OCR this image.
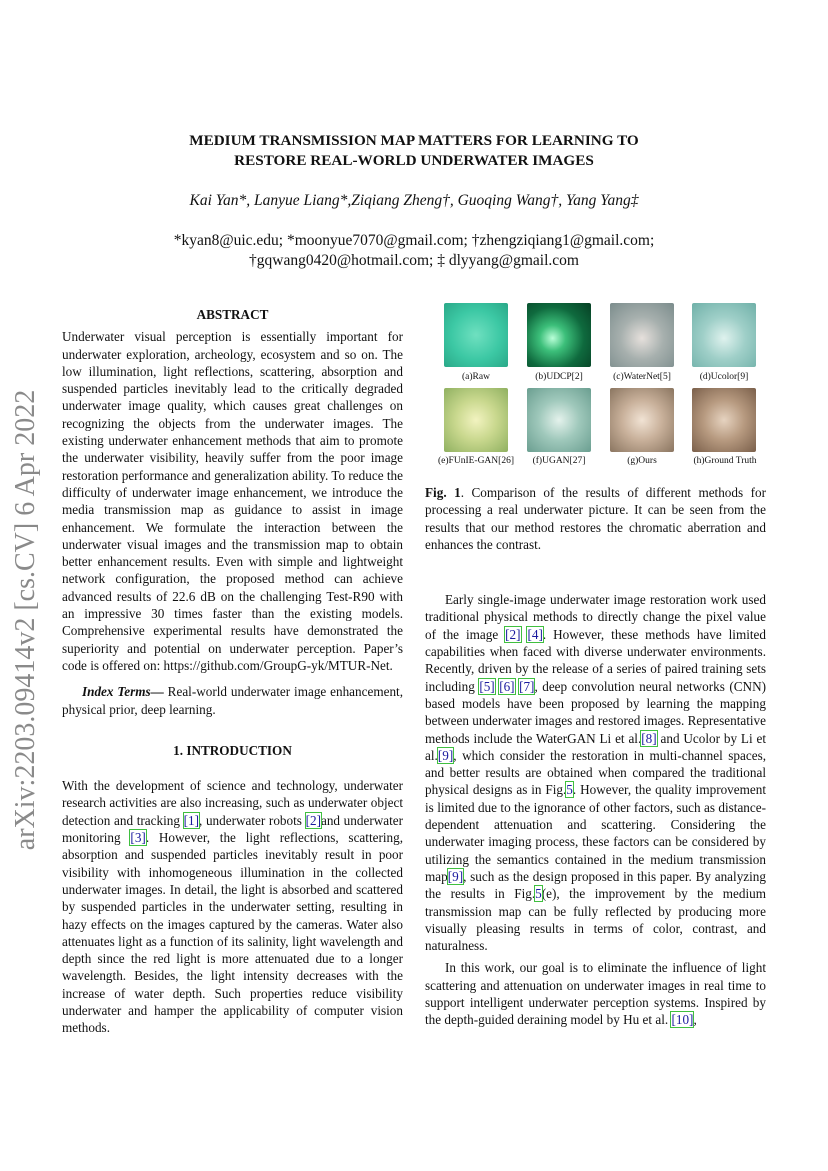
arXiv:2203.09414v2 [cs.CV] 6 Apr 2022
MEDIUM TRANSMISSION MAP MATTERS FOR LEARNING TO
RESTORE REAL-WORLD UNDERWATER IMAGES
Kai Yan*, Lanyue Liang*,Ziqiang Zheng†, Guoqing Wang†, Yang Yang‡
*kyan8@uic.edu; *moonyue7070@gmail.com; †zhengziqiang1@gmail.com;
†gqwang0420@hotmail.com; ‡ dlyyang@gmail.com
ABSTRACT

Underwater visual perception is essentially important for underwater exploration, archeology, ecosystem and so on. The low illumination, light reflections, scattering, absorption and suspended particles inevitably lead to the critically degraded underwater image quality, which causes great challenges on recognizing the objects from the underwater images. The existing underwater enhancement methods that aim to promote the underwater visibility, heavily suffer from the poor image restoration performance and generalization ability. To reduce the difficulty of underwater image enhancement, we introduce the media transmission map as guidance to assist in image enhancement. We formulate the interaction between the underwater visual images and the transmission map to obtain better enhancement results. Even with simple and lightweight network configuration, the proposed method can achieve advanced results of 22.6 dB on the challenging Test-R90 with an impressive 30 times faster than the existing models. Comprehensive experimental results have demonstrated the superiority and potential on underwater perception. Paper’s code is offered on: https://github.com/GroupG-yk/MTUR-Net.

Index Terms— Real-world underwater image enhancement, physical prior, deep learning.

1. INTRODUCTION

With the development of science and technology, underwater research activities are also increasing, such as underwater object detection and tracking [1], underwater robots [2]and underwater monitoring [3]. However, the light reflections, scattering, absorption and suspended particles inevitably result in poor visibility with inhomogeneous illumination in the collected underwater images. In detail, the light is absorbed and scattered by suspended particles in the underwater setting, resulting in hazy effects on the images captured by the cameras. Water also attenuates light as a function of its salinity, light wavelength and depth since the red light is more attenuated due to a longer wavelength. Besides, the light intensity decreases with the increase of water depth. Such properties reduce visibility underwater and hamper the applicability of computer vision methods.

(a)Raw	(b)UDCP[2]	(c)WaterNet[5]	(d)Ucolor[9]
(e)FUnIE-GAN[26]	(f)UGAN[27]	(g)Ours	(h)Ground Truth

Fig. 1. Comparison of the results of different methods for processing a real underwater picture. It can be seen from the results that our method restores the chromatic aberration and enhances the contrast.

Early single-image underwater image restoration work used traditional physical methods to directly change the pixel value of the image [2] [4]. However, these methods have limited capabilities when faced with diverse underwater environments. Recently, driven by the release of a series of paired training sets including [5] [6] [7], deep convolution neural networks (CNN) based models have been proposed by learning the mapping between underwater images and restored images. Representative methods include the WaterGAN Li et al.[8] and Ucolor by Li et al.[9], which consider the restoration in multi-channel spaces, and better results are obtained when compared the traditional physical designs as in Fig.5. However, the quality improvement is limited due to the ignorance of other factors, such as distance-dependent attenuation and scattering. Considering the underwater imaging process, these factors can be considered by utilizing the semantics contained in the medium transmission map[9], such as the design proposed in this paper. By analyzing the results in Fig.5(e), the improvement by the medium transmission map can be fully reflected by producing more visually pleasing results in terms of color, contrast, and naturalness.

In this work, our goal is to eliminate the influence of light scattering and attenuation on underwater images in real time to support intelligent underwater perception systems. Inspired by the depth-guided deraining model by Hu et al. [10],
